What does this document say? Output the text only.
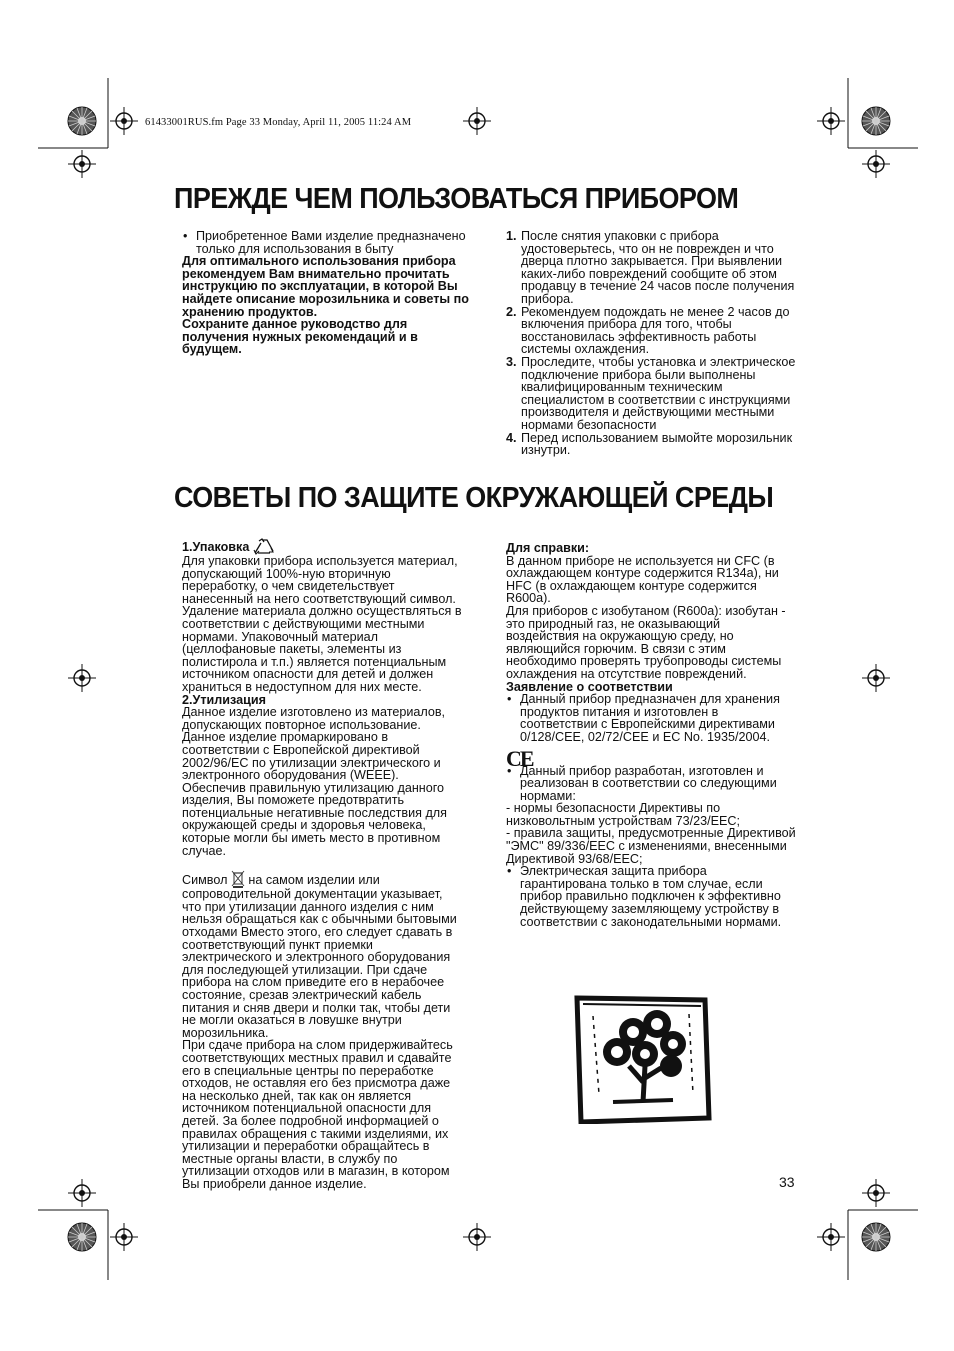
61433001RUS.fm Page 33 Monday, April 11, 2005 11:24 AM
ПРЕЖДЕ ЧЕМ ПОЛЬЗОВАТЬСЯ ПРИБОРОМ

• Приобретенное Вами изделие предназначено только для использования в быту

Для оптимального использования прибора рекомендуем Вам внимательно прочитать инструкцию по эксплуатации, в которой Вы найдете описание морозильника и советы по хранению продуктов.

Сохраните данное руководство для получения нужных рекомендаций и в будущем.

1. После снятия упаковки с прибора удостоверьтесь, что он не поврежден и что дверца плотно закрывается. При выявлении каких-либо повреждений сообщите об этом продавцу в течение 24 часов после получения прибора.

2. Рекомендуем подождать не менее 2 часов до включения прибора для того, чтобы восстановилась эффективность работы системы охлаждения.

3. Проследите, чтобы установка и электрическое подключение прибора были выполнены квалифицированным техническим специалистом в соответствии с инструкциями производителя и действующими местными нормами безопасности

4. Перед использованием вымойте морозильник изнутри.

СОВЕТЫ ПО ЗАЩИТЕ ОКРУЖАЮЩЕЙ СРЕДЫ

1.Упаковка

Для упаковки прибора используется материал, допускающий 100%-ную вторичную переработку, о чем свидетельствует нанесенный на него соответствующий символ. Удаление материала должно осуществляться в соответствии с действующими местными нормами. Упаковочный материал (целлофановые пакеты, элементы из полистирола и т.п.) является потенциальным источником опасности для детей и должен храниться в недоступном для них месте.

2.Утилизация

Данное изделие изготовлено из материалов, допускающих повторное использование.

Данное изделие промаркировано в соответствии с Европейской директивой 2002/96/EC по утилизации электрического и электронного оборудования (WEEE).

Обеспечив правильную утилизацию данного изделия, Вы поможете предотвратить потенциальные негативные последствия для окружающей среды и здоровья человека, которые могли бы иметь место в противном случае.

Символ на самом изделии или сопроводительной документации указывает, что при утилизации данного изделия с ним нельзя обращаться как с обычными бытовыми отходами Вместо этого, его следует сдавать в соответствующий пункт приемки электрического и электронного оборудования для последующей утилизации. При сдаче прибора на слом приведите его в нерабочее состояние, срезав электрический кабель питания и сняв двери и полки так, чтобы дети не могли оказаться в ловушке внутри морозильника.

При сдаче прибора на слом придерживайтесь соответствующих местных правил и сдавайте его в специальные центры по переработке отходов, не оставляя его без присмотра даже на несколько дней, так как он является источником потенциальной опасности для детей. За более подробной информацией о правилах обращения с такими изделиями, их утилизации и переработки обращайтесь в местные органы власти, в службу по утилизации отходов или в магазин, в котором Вы приобрели данное изделие.

Для справки:

В данном приборе не используется ни CFC (в охлаждающем контуре содержится R134a), ни HFC (в охлаждающем контуре содержится R600a).

Для приборов с изобутаном (R600a): изобутан - это природный газ, не оказывающий воздействия на окружающую среду, но являющийся горючим. В связи с этим необходимо проверять трубопроводы системы охлаждения на отсутствие повреждений.

Заявление о соответствии

• Данный прибор предназначен для хранения продуктов питания и изготовлен в соответствии с Европейскими директивами 0/128/CEE, 02/72/CEE и EC No. 1935/2004.

CE

• Данный прибор разработан, изготовлен и реализован в соответствии со следующими нормами:

- нормы безопасности Директивы по низковольтным устройствам 73/23/EEC;

- правила защиты, предусмотренные Директивой "ЭМС" 89/336/EEC с изменениями, внесенными Директивой 93/68/EEC;

• Электрическая защита прибора гарантирована только в том случае, если прибор правильно подключен к эффективно действующему заземляющему устройству в соответствии с законодательными нормами.

33
